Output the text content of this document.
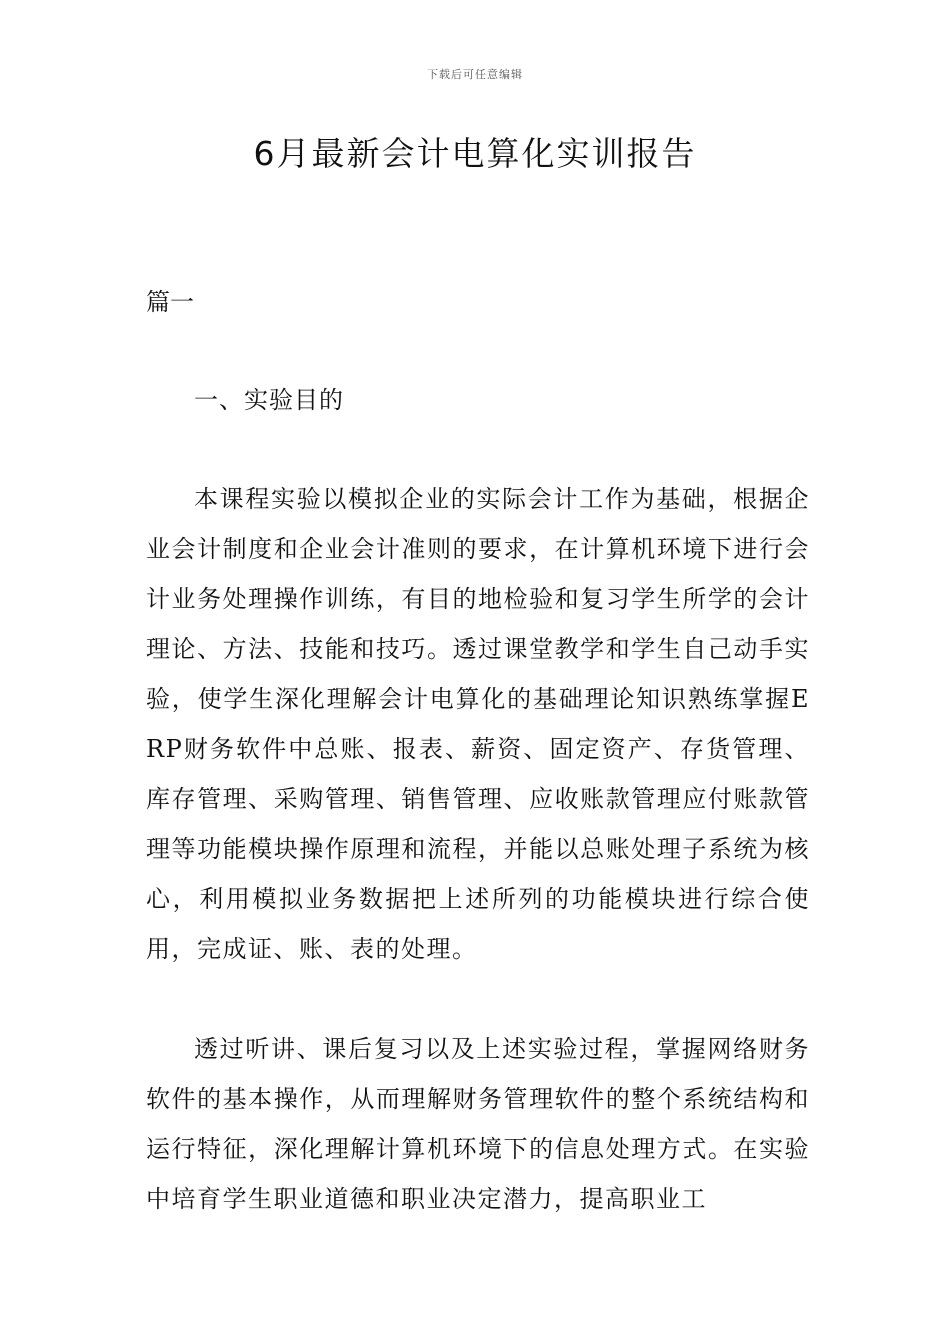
下载后可任意编辑
6月最新会计电算化实训报告
篇一
一、实验目的

本课程实验以模拟企业的实际会计工作为基础，根据企业会计制度和企业会计准则的要求，在计算机环境下进行会计业务处理操作训练，有目的地检验和复习学生所学的会计理论、方法、技能和技巧。透过课堂教学和学生自己动手实验，使学生深化理解会计电算化的基础理论知识熟练掌握ERP财务软件中总账、报表、薪资、固定资产、存货管理、库存管理、采购管理、销售管理、应收账款管理应付账款管理等功能模块操作原理和流程，并能以总账处理子系统为核心，利用模拟业务数据把上述所列的功能模块进行综合使用，完成证、账、表的处理。

透过听讲、课后复习以及上述实验过程，掌握网络财务软件的基本操作，从而理解财务管理软件的整个系统结构和运行特征，深化理解计算机环境下的信息处理方式。在实验中培育学生职业道德和职业决定潜力，提高职业工
